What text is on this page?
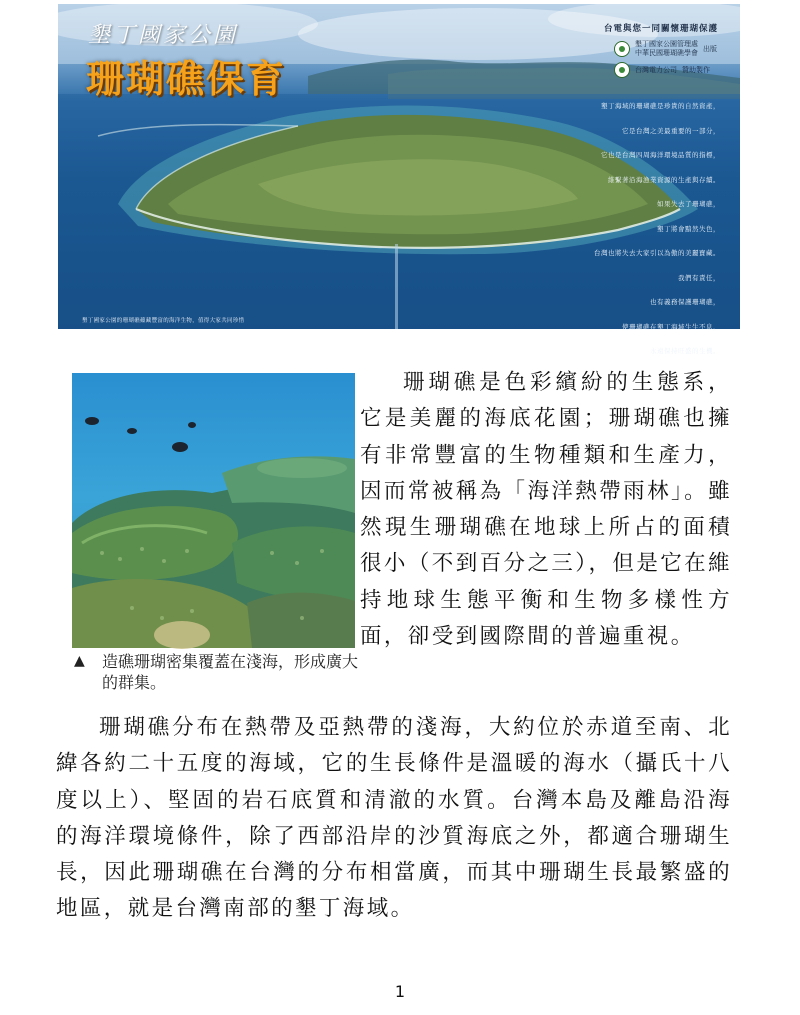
墾丁國家公園
珊瑚礁保育
台電與您一同關懷珊瑚保護
墾丁國家公園管理處
中華民國珊瑚礁學會
出版
台灣電力公司 贊助製作
墾丁海域的珊瑚礁是珍貴的自然資產，
它是台灣之美最重要的一部分，
它也是台灣四周海洋環境品質的指標，
維繫著沿海漁業資源的生產與存續。
如果失去了珊瑚礁，
墾丁將會黯然失色，
台灣也將失去大家引以為傲的美麗寶藏。
我們有責任，
也有義務保護珊瑚礁，
使珊瑚礁在墾丁海域生生不息，
永遠保持旺盛的生機。
墾丁國家公園的珊瑚礁蘊藏豐富的海洋生物，值得大家共同珍惜
▲ 造礁珊瑚密集覆蓋在淺海，形成廣大的群集。

珊瑚礁是色彩繽紛的生態系，它是美麗的海底花園；珊瑚礁也擁有非常豐富的生物種類和生產力，因而常被稱為「海洋熱帶雨林」。雖然現生珊瑚礁在地球上所占的面積很小（不到百分之三），但是它在維持地球生態平衡和生物多樣性方面，卻受到國際間的普遍重視。

珊瑚礁分布在熱帶及亞熱帶的淺海，大約位於赤道至南、北緯各約二十五度的海域，它的生長條件是溫暖的海水（攝氏十八度以上）、堅固的岩石底質和清澈的水質。台灣本島及離島沿海的海洋環境條件，除了西部沿岸的沙質海底之外，都適合珊瑚生長，因此珊瑚礁在台灣的分布相當廣，而其中珊瑚生長最繁盛的地區，就是台灣南部的墾丁海域。

1
